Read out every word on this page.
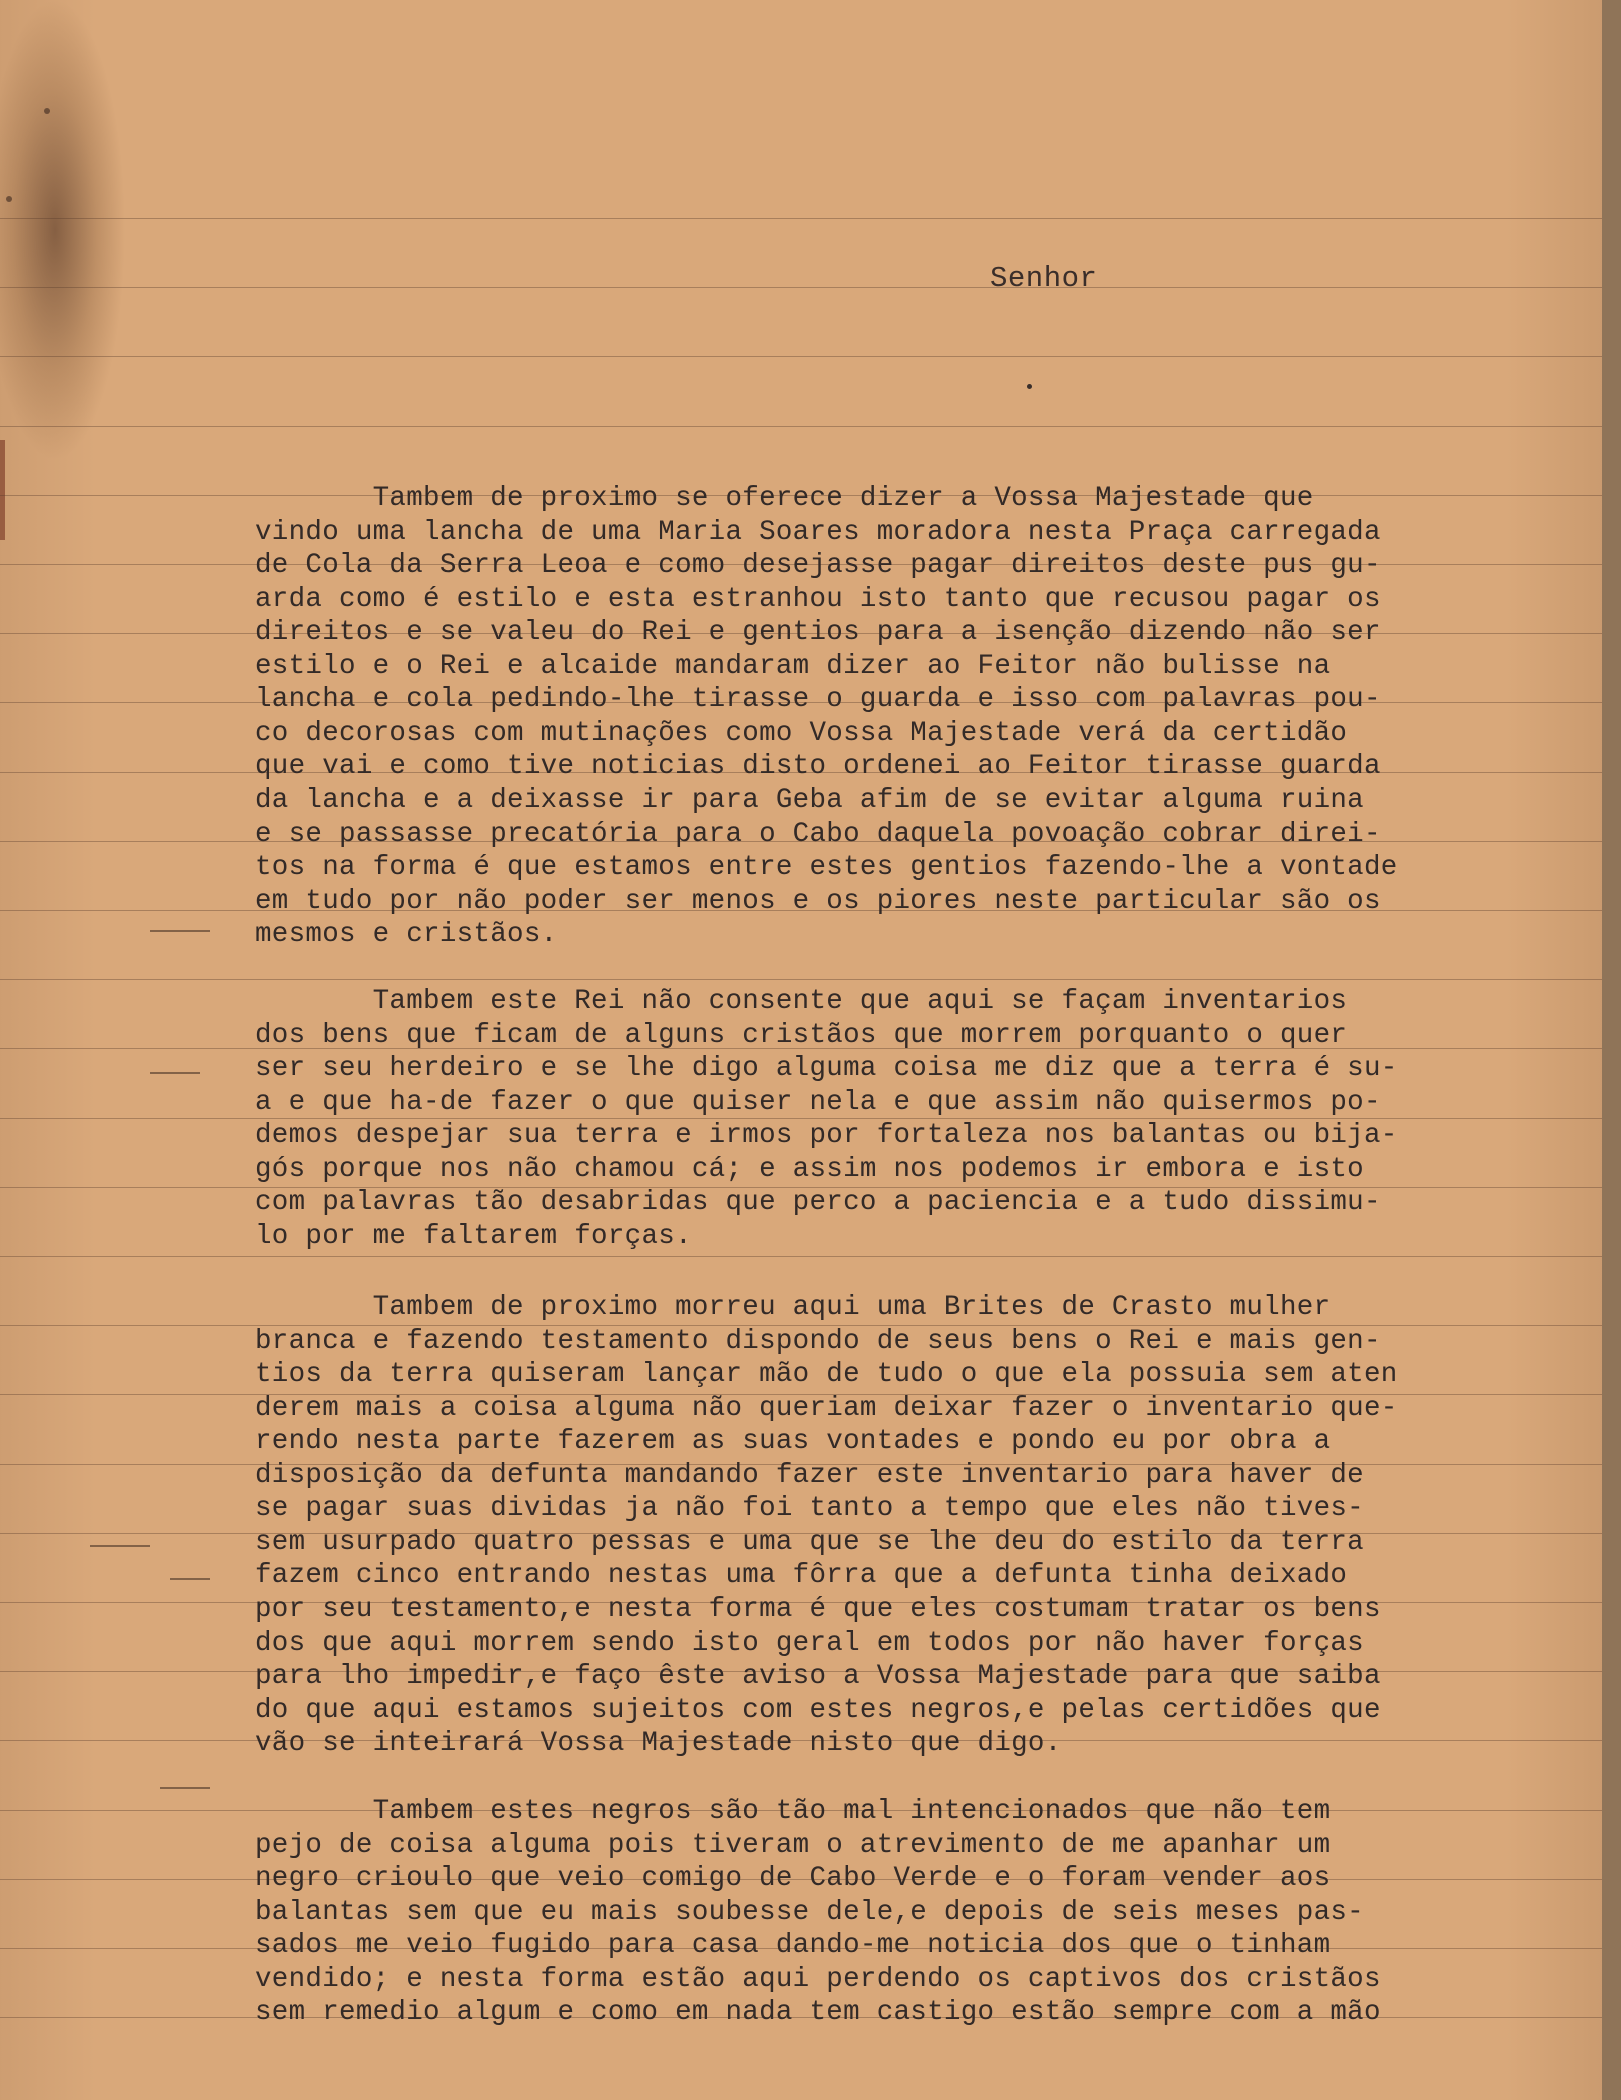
Senhor
Tambem de proximo se oferece dizer a Vossa Majestade que
vindo uma lancha de uma Maria Soares moradora nesta Praça carregada
de Cola da Serra Leoa e como desejasse pagar direitos deste pus gu-
arda como é estilo e esta estranhou isto tanto que recusou pagar os
direitos e se valeu do Rei e gentios para a isenção dizendo não ser
estilo e o Rei e alcaide mandaram dizer ao Feitor não bulisse na
lancha e cola pedindo-lhe tirasse o guarda e isso com palavras pou-
co decorosas com mutinações como Vossa Majestade verá da certidão
que vai e como tive noticias disto ordenei ao Feitor tirasse guarda
da lancha e a deixasse ir para Geba afim de se evitar alguma ruina
e se passasse precatória para o Cabo daquela povoação cobrar direi-
tos na forma é que estamos entre estes gentios fazendo-lhe a vontade
em tudo por não poder ser menos e os piores neste particular são os
mesmos e cristãos.
Tambem este Rei não consente que aqui se façam inventarios
dos bens que ficam de alguns cristãos que morrem porquanto o quer
ser seu herdeiro e se lhe digo alguma coisa me diz que a terra é su-
a e que ha-de fazer o que quiser nela e que assim não quisermos po-
demos despejar sua terra e irmos por fortaleza nos balantas ou bija-
gós porque nos não chamou cá; e assim nos podemos ir embora e isto
com palavras tão desabridas que perco a paciencia e a tudo dissimu-
lo por me faltarem forças.
Tambem de proximo morreu aqui uma Brites de Crasto mulher
branca e fazendo testamento dispondo de seus bens o Rei e mais gen-
tios da terra quiseram lançar mão de tudo o que ela possuia sem aten
derem mais a coisa alguma não queriam deixar fazer o inventario que-
rendo nesta parte fazerem as suas vontades e pondo eu por obra a
disposição da defunta mandando fazer este inventario para haver de
se pagar suas dividas ja não foi tanto a tempo que eles não tives-
sem usurpado quatro pessas e uma que se lhe deu do estilo da terra
fazem cinco entrando nestas uma fôrra que a defunta tinha deixado
por seu testamento,e nesta forma é que eles costumam tratar os bens
dos que aqui morrem sendo isto geral em todos por não haver forças
para lho impedir,e faço êste aviso a Vossa Majestade para que saiba
do que aqui estamos sujeitos com estes negros,e pelas certidões que
vão se inteirará Vossa Majestade nisto que digo.
Tambem estes negros são tão mal intencionados que não tem
pejo de coisa alguma pois tiveram o atrevimento de me apanhar um
negro crioulo que veio comigo de Cabo Verde e o foram vender aos
balantas sem que eu mais soubesse dele,e depois de seis meses pas-
sados me veio fugido para casa dando-me noticia dos que o tinham
vendido; e nesta forma estão aqui perdendo os captivos dos cristãos
sem remedio algum e como em nada tem castigo estão sempre com a mão
